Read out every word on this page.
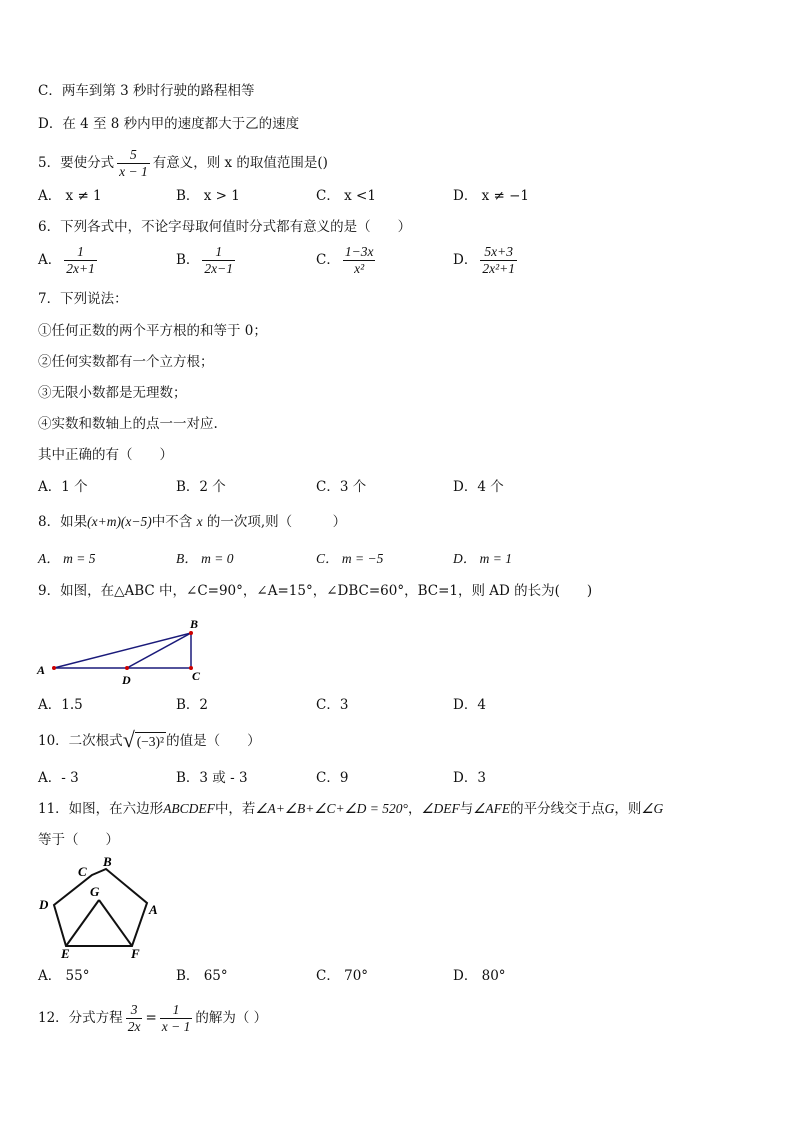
C．两车到第 3 秒时行驶的路程相等
D．在 4 至 8 秒内甲的速度都大于乙的速度
5．要使分式 $\frac{5}{x - 1}$ 有意义，则 x 的取值范围是()
A． x ≠ 1	B． x > 1	C． x <1	D． x ≠ −1
6．下列各式中，不论字母取何值时分式都有意义的是（　　）
A． $\frac{1}{2x+1}$	B． $\frac{1}{2x-1}$	C． $\frac{1-3x}{\text{x²}}$	D． $\frac{5x+3}{\text{2x²+1}}$
7．下列说法：
①任何正数的两个平方根的和等于 0；
②任何实数都有一个立方根；
③无限小数都是无理数；
④实数和数轴上的点一一对应.
其中正确的有（　　）
A．1 个	B．2 个	C．3 个	D．4 个
8．如果(x+m)(x−5)中不含 x 的一次项,则（　　　）
A． m = 5	B． m = 0	C． m = −5	D． m = 1
9．如图，在△ABC 中，∠C=90°，∠A=15°，∠DBC=60°，BC=1，则 AD 的长为(　　)
A
B
C
D
A．1.5	B．2	C．3	D．4
10．二次根式 √ (−3)² 的值是（　　）
A．- 3	B．3 或 - 3	C．9	D．3
11．如图，在六边形ABCDEF中，若∠A+∠B+∠C+∠D = 520°，∠DEF与∠AFE的平分线交于点G，则∠G
等于（　　）
C
B
A
F
E
D
G
A． 55°	B． 65°	C． 70°	D． 80°
12．分式方程 $\frac{3}{2x} = \frac{1}{x - 1}$ 的解为（ ）
